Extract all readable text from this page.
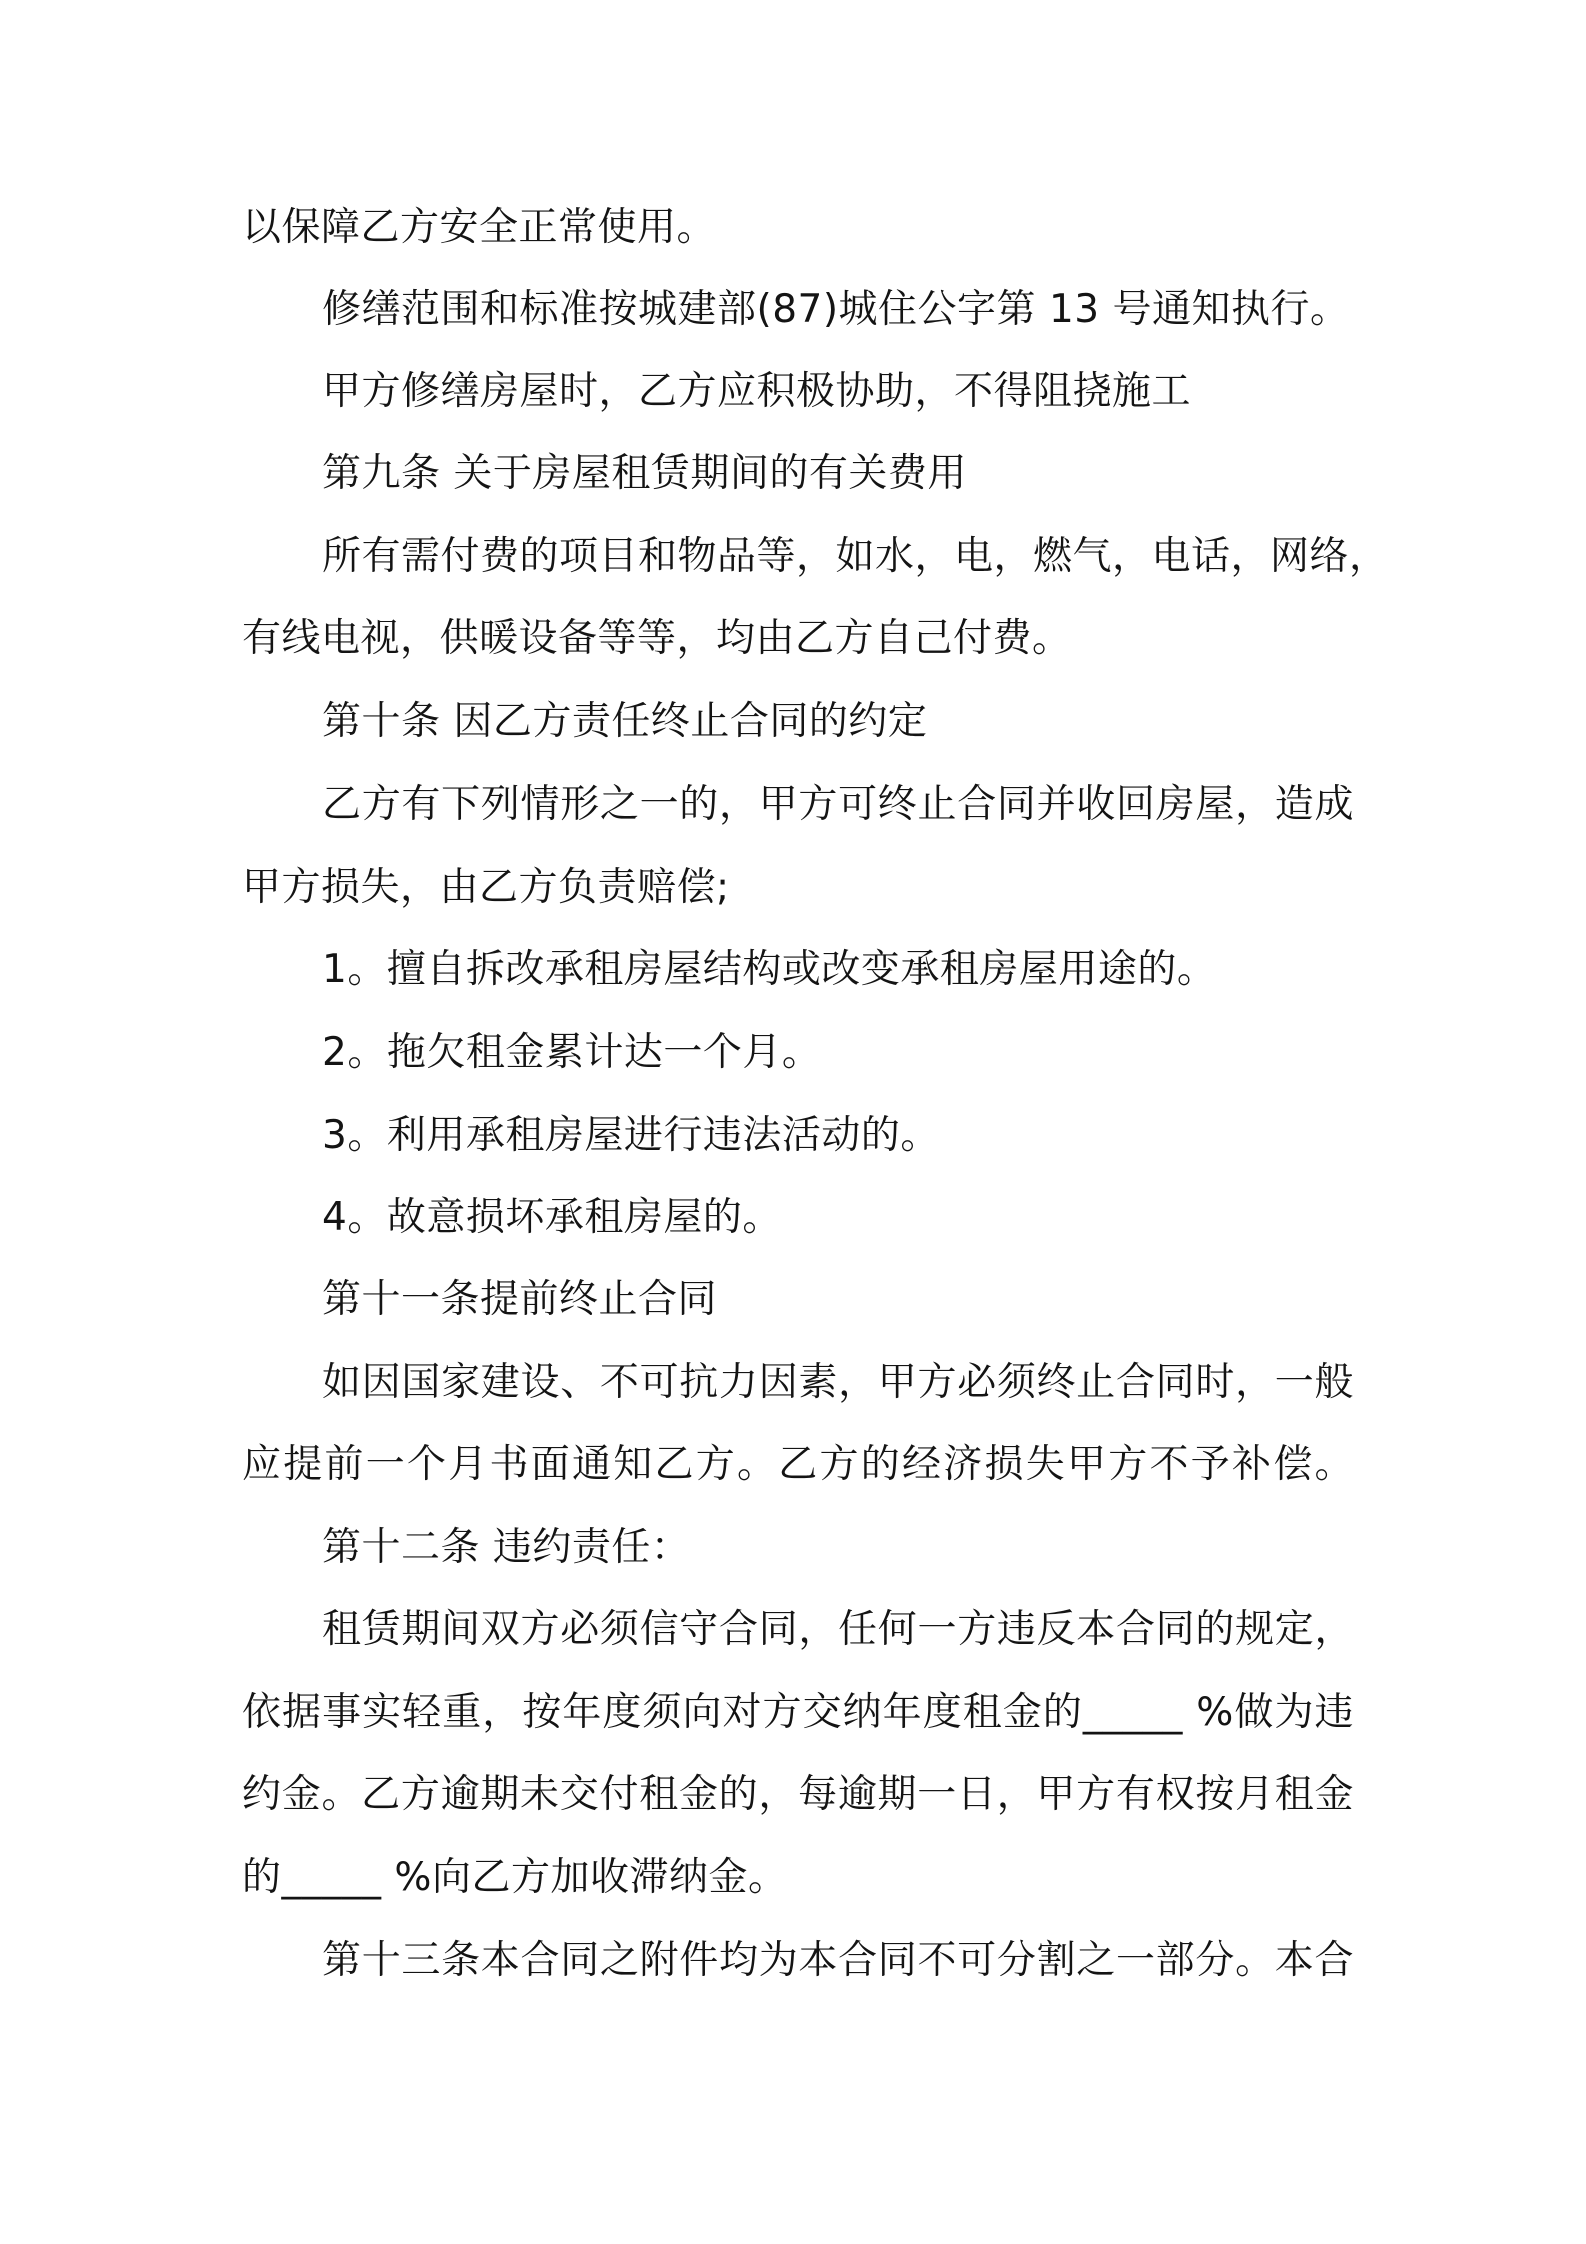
以保障乙方安全正常使用。
修缮范围和标准按城建部(87)城住公字第 13 号通知执行。
甲方修缮房屋时，乙方应积极协助，不得阻挠施工
第九条 关于房屋租赁期间的有关费用
所有需付费的项目和物品等，如水，电，燃气，电话，网络，
有线电视，供暖设备等等，均由乙方自己付费。
第十条 因乙方责任终止合同的约定
乙方有下列情形之一的，甲方可终止合同并收回房屋，造成
甲方损失，由乙方负责赔偿;
1。擅自拆改承租房屋结构或改变承租房屋用途的。
2。拖欠租金累计达一个月。
3。利用承租房屋进行违法活动的。
4。故意损坏承租房屋的。
第十一条提前终止合同
如因国家建设、不可抗力因素，甲方必须终止合同时，一般
应提前一个月书面通知乙方。乙方的经济损失甲方不予补偿。
第十二条 违约责任：
租赁期间双方必须信守合同，任何一方违反本合同的规定，
依据事实轻重，按年度须向对方交纳年度租金的_____ %做为违
约金。乙方逾期未交付租金的，每逾期一日，甲方有权按月租金
的_____ %向乙方加收滞纳金。
第十三条本合同之附件均为本合同不可分割之一部分。本合
